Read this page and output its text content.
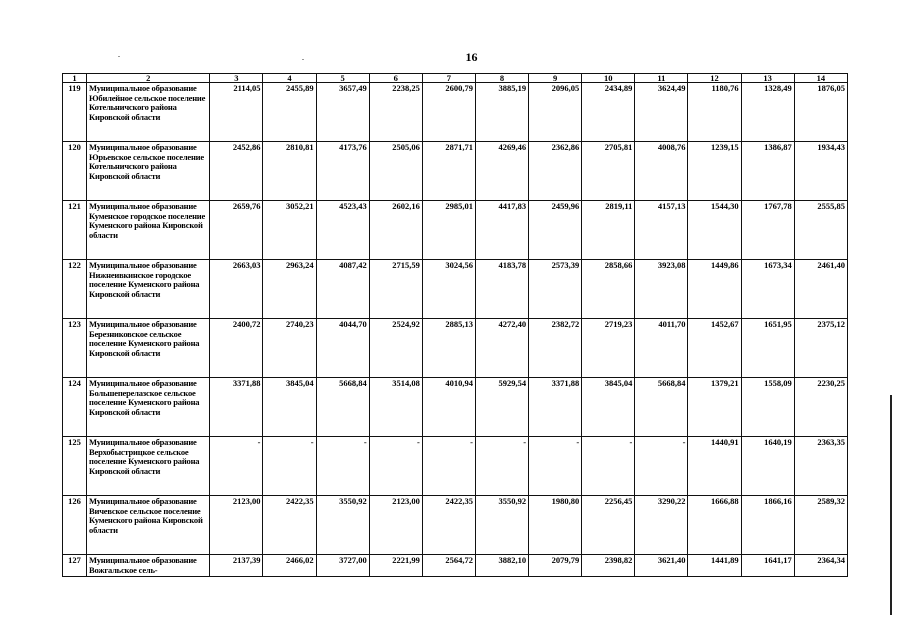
16
1	2	3	4	5	6	7	8	9	10	11	12	13	14
119	Муниципальное образование Юбилейное сельское поселение Котельничского района Кировской области	2114,05	2455,89	3657,49	2238,25	2600,79	3885,19	2096,05	2434,89	3624,49	1180,76	1328,49	1876,05
120	Муниципальное образование Юрьевское сельское поселение Котельничского района Кировской области	2452,86	2810,81	4173,76	2505,06	2871,71	4269,46	2362,86	2705,81	4008,76	1239,15	1386,87	1934,43
121	Муниципальное образование Куменское городское поселение Куменского района Кировской области	2659,76	3052,21	4523,43	2602,16	2985,01	4417,83	2459,96	2819,11	4157,13	1544,30	1767,78	2555,85
122	Муниципальное образование Нижнеивкинское городское поселение Куменского района Кировской области	2663,03	2963,24	4087,42	2715,59	3024,56	4183,78	2573,39	2858,66	3923,08	1449,86	1673,34	2461,40
123	Муниципальное образование Березниковское сельское поселение Куменского района Кировской области	2400,72	2740,23	4044,70	2524,92	2885,13	4272,40	2382,72	2719,23	4011,70	1452,67	1651,95	2375,12
124	Муниципальное образование Большеперелазское сельское поселение Куменского района Кировской области	3371,88	3845,04	5668,84	3514,08	4010,94	5929,54	3371,88	3845,04	5668,84	1379,21	1558,09	2230,25
125	Муниципальное образование Верхобыстрицкое сельское поселение Куменского района Кировской области	-	-	-	-	-	-	-	-	-	1440,91	1640,19	2363,35
126	Муниципальное образование Вичевское сельское поселение Куменского района Кировской области	2123,00	2422,35	3550,92	2123,00	2422,35	3550,92	1980,80	2256,45	3290,22	1666,88	1866,16	2589,32
127	Муниципальное образование Вожгальское сель-	2137,39	2466,02	3727,00	2221,99	2564,72	3882,10	2079,79	2398,82	3621,40	1441,89	1641,17	2364,34
